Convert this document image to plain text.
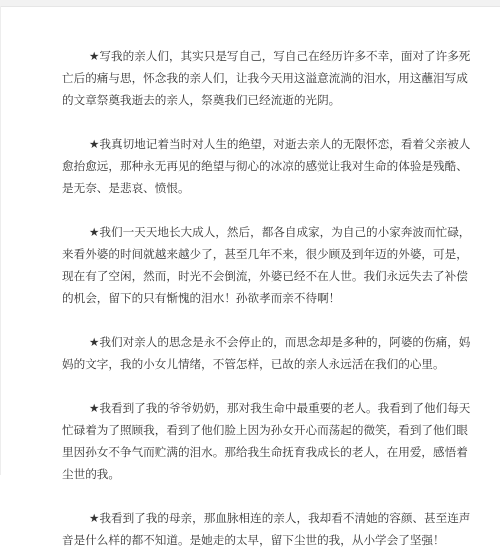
★写我的亲人们，其实只是写自己，写自己在经历许多不幸，面对了许多死亡后的痛与思，怀念我的亲人们，让我今天用这溢意流淌的泪水，用这蘸泪写成的文章祭奠我逝去的亲人，祭奠我们已经流逝的光阴。

★我真切地记着当时对人生的绝望，对逝去亲人的无限怀恋，看着父亲被人愈抬愈远，那种永无再见的绝望与彻心的冰凉的感觉让我对生命的体验是残酷、是无奈、是悲哀、愤恨。

★我们一天天地长大成人，然后，都各自成家，为自己的小家奔波而忙碌，来看外婆的时间就越来越少了，甚至几年不来，很少顾及到年迈的外婆，可是，现在有了空闲，然而，时光不会倒流，外婆已经不在人世。我们永远失去了补偿的机会，留下的只有惭愧的泪水！孙欲孝而亲不待啊！

★我们对亲人的思念是永不会停止的，而思念却是多种的，阿婆的伤痛，妈妈的文字，我的小女儿情绪，不管怎样，已故的亲人永远活在我们的心里。

★我看到了我的爷爷奶奶，那对我生命中最重要的老人。我看到了他们每天忙碌着为了照顾我，看到了他们脸上因为孙女开心而荡起的微笑，看到了他们眼里因孙女不争气而贮满的泪水。那给我生命抚育我成长的老人，在用爱，感悟着尘世的我。

★我看到了我的母亲，那血脉相连的亲人，我却看不清她的容颜、甚至连声音是什么样的都不知道。是她走的太早，留下尘世的我，从小学会了坚强！
